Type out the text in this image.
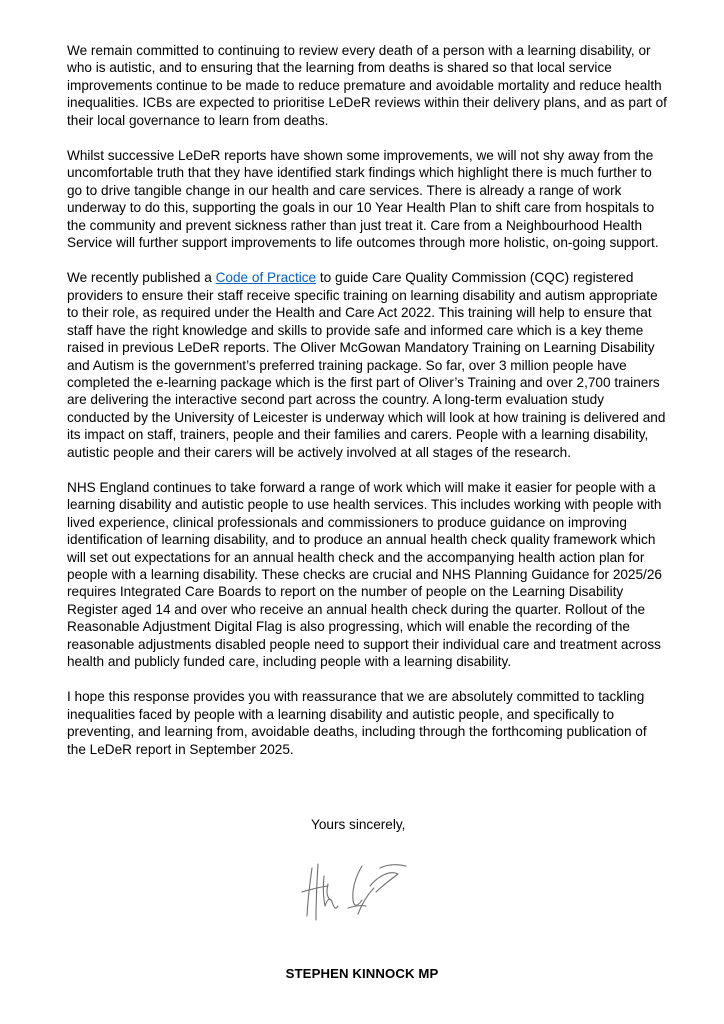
We remain committed to continuing to review every death of a person with a learning disability, or who is autistic, and to ensuring that the learning from deaths is shared so that local service improvements continue to be made to reduce premature and avoidable mortality and reduce health inequalities. ICBs are expected to prioritise LeDeR reviews within their delivery plans, and as part of their local governance to learn from deaths.

Whilst successive LeDeR reports have shown some improvements, we will not shy away from the uncomfortable truth that they have identified stark findings which highlight there is much further to go to drive tangible change in our health and care services. There is already a range of work underway to do this, supporting the goals in our 10 Year Health Plan to shift care from hospitals to the community and prevent sickness rather than just treat it. Care from a Neighbourhood Health Service will further support improvements to life outcomes through more holistic, on-going support.

We recently published a Code of Practice to guide Care Quality Commission (CQC) registered providers to ensure their staff receive specific training on learning disability and autism appropriate to their role, as required under the Health and Care Act 2022. This training will help to ensure that staff have the right knowledge and skills to provide safe and informed care which is a key theme raised in previous LeDeR reports. The Oliver McGowan Mandatory Training on Learning Disability and Autism is the government’s preferred training package. So far, over 3 million people have completed the e-learning package which is the first part of Oliver’s Training and over 2,700 trainers are delivering the interactive second part across the country. A long-term evaluation study conducted by the University of Leicester is underway which will look at how training is delivered and its impact on staff, trainers, people and their families and carers. People with a learning disability, autistic people and their carers will be actively involved at all stages of the research.

NHS England continues to take forward a range of work which will make it easier for people with a learning disability and autistic people to use health services. This includes working with people with lived experience, clinical professionals and commissioners to produce guidance on improving identification of learning disability, and to produce an annual health check quality framework which will set out expectations for an annual health check and the accompanying health action plan for people with a learning disability. These checks are crucial and NHS Planning Guidance for 2025/26 requires Integrated Care Boards to report on the number of people on the Learning Disability Register aged 14 and over who receive an annual health check during the quarter. Rollout of the Reasonable Adjustment Digital Flag is also progressing, which will enable the recording of the reasonable adjustments disabled people need to support their individual care and treatment across health and publicly funded care, including people with a learning disability.

I hope this response provides you with reassurance that we are absolutely committed to tackling inequalities faced by people with a learning disability and autistic people, and specifically to preventing, and learning from, avoidable deaths, including through the forthcoming publication of the LeDeR report in September 2025.

Yours sincerely,
STEPHEN KINNOCK MP
